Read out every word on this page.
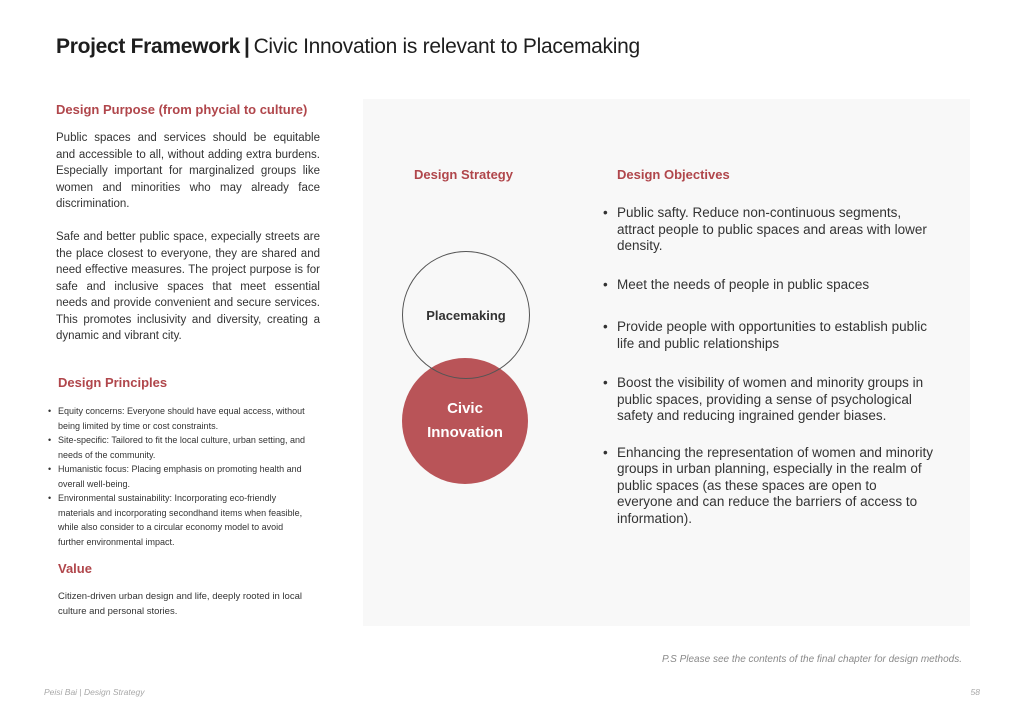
Project Framework | Civic Innovation is relevant to Placemaking
Design Purpose (from phycial to culture)
Public spaces and services should be equitable and accessible to all, without adding extra burdens. Especially important for marginalized groups like women and minorities who may already face discrimination.
Safe and better public space, expecially streets are the place closest to everyone, they are shared and need effective measures. The project purpose is for safe and inclusive spaces that meet essential needs and provide convenient and secure services. This promotes inclusivity and diversity, creating a dynamic and vibrant city.
Design Principles
• Equity concerns: Everyone should have equal access, without being limited by time or cost constraints.
• Site-specific: Tailored to fit the local culture, urban setting, and needs of the community.
• Humanistic focus: Placing emphasis on promoting health and overall well-being.
• Environmental sustainability: Incorporating eco-friendly materials and incorporating secondhand items when feasible, while also consider to a circular economy model to avoid further environmental impact.
Value
Citizen-driven urban design and life, deeply rooted in local culture and personal stories.
Design Strategy	Design Objectives
Civic Innovation
Placemaking
• Public safty. Reduce non-continuous segments, attract people to public spaces and areas with lower density.
• Meet the needs of people in public spaces
• Provide people with opportunities to establish public life and public relationships
• Boost the visibility of women and minority groups in public spaces, providing a sense of psychological safety and reducing ingrained gender biases.
• Enhancing the representation of women and minority groups in urban planning, especially in the realm of public spaces (as these spaces are open to everyone and can reduce the barriers of access to information).
P.S Please see the contents of the final chapter for design methods.
Peisi Bai | Design Strategy	58
